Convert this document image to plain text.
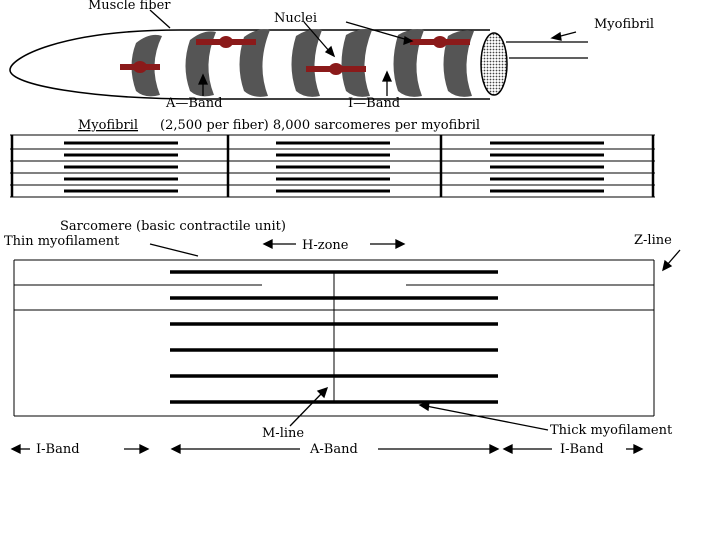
Muscle fiber
Nuclei	Myofibril
A—Band	I—Band
Myofibril (2,500 per fiber) 8,000 sarcomeres per myofibril
Sarcomere (basic contractile unit)
Thin myofilament	H-zone	Z-line
M-line	Thick myofilament
I-Band	A-Band	I-Band
